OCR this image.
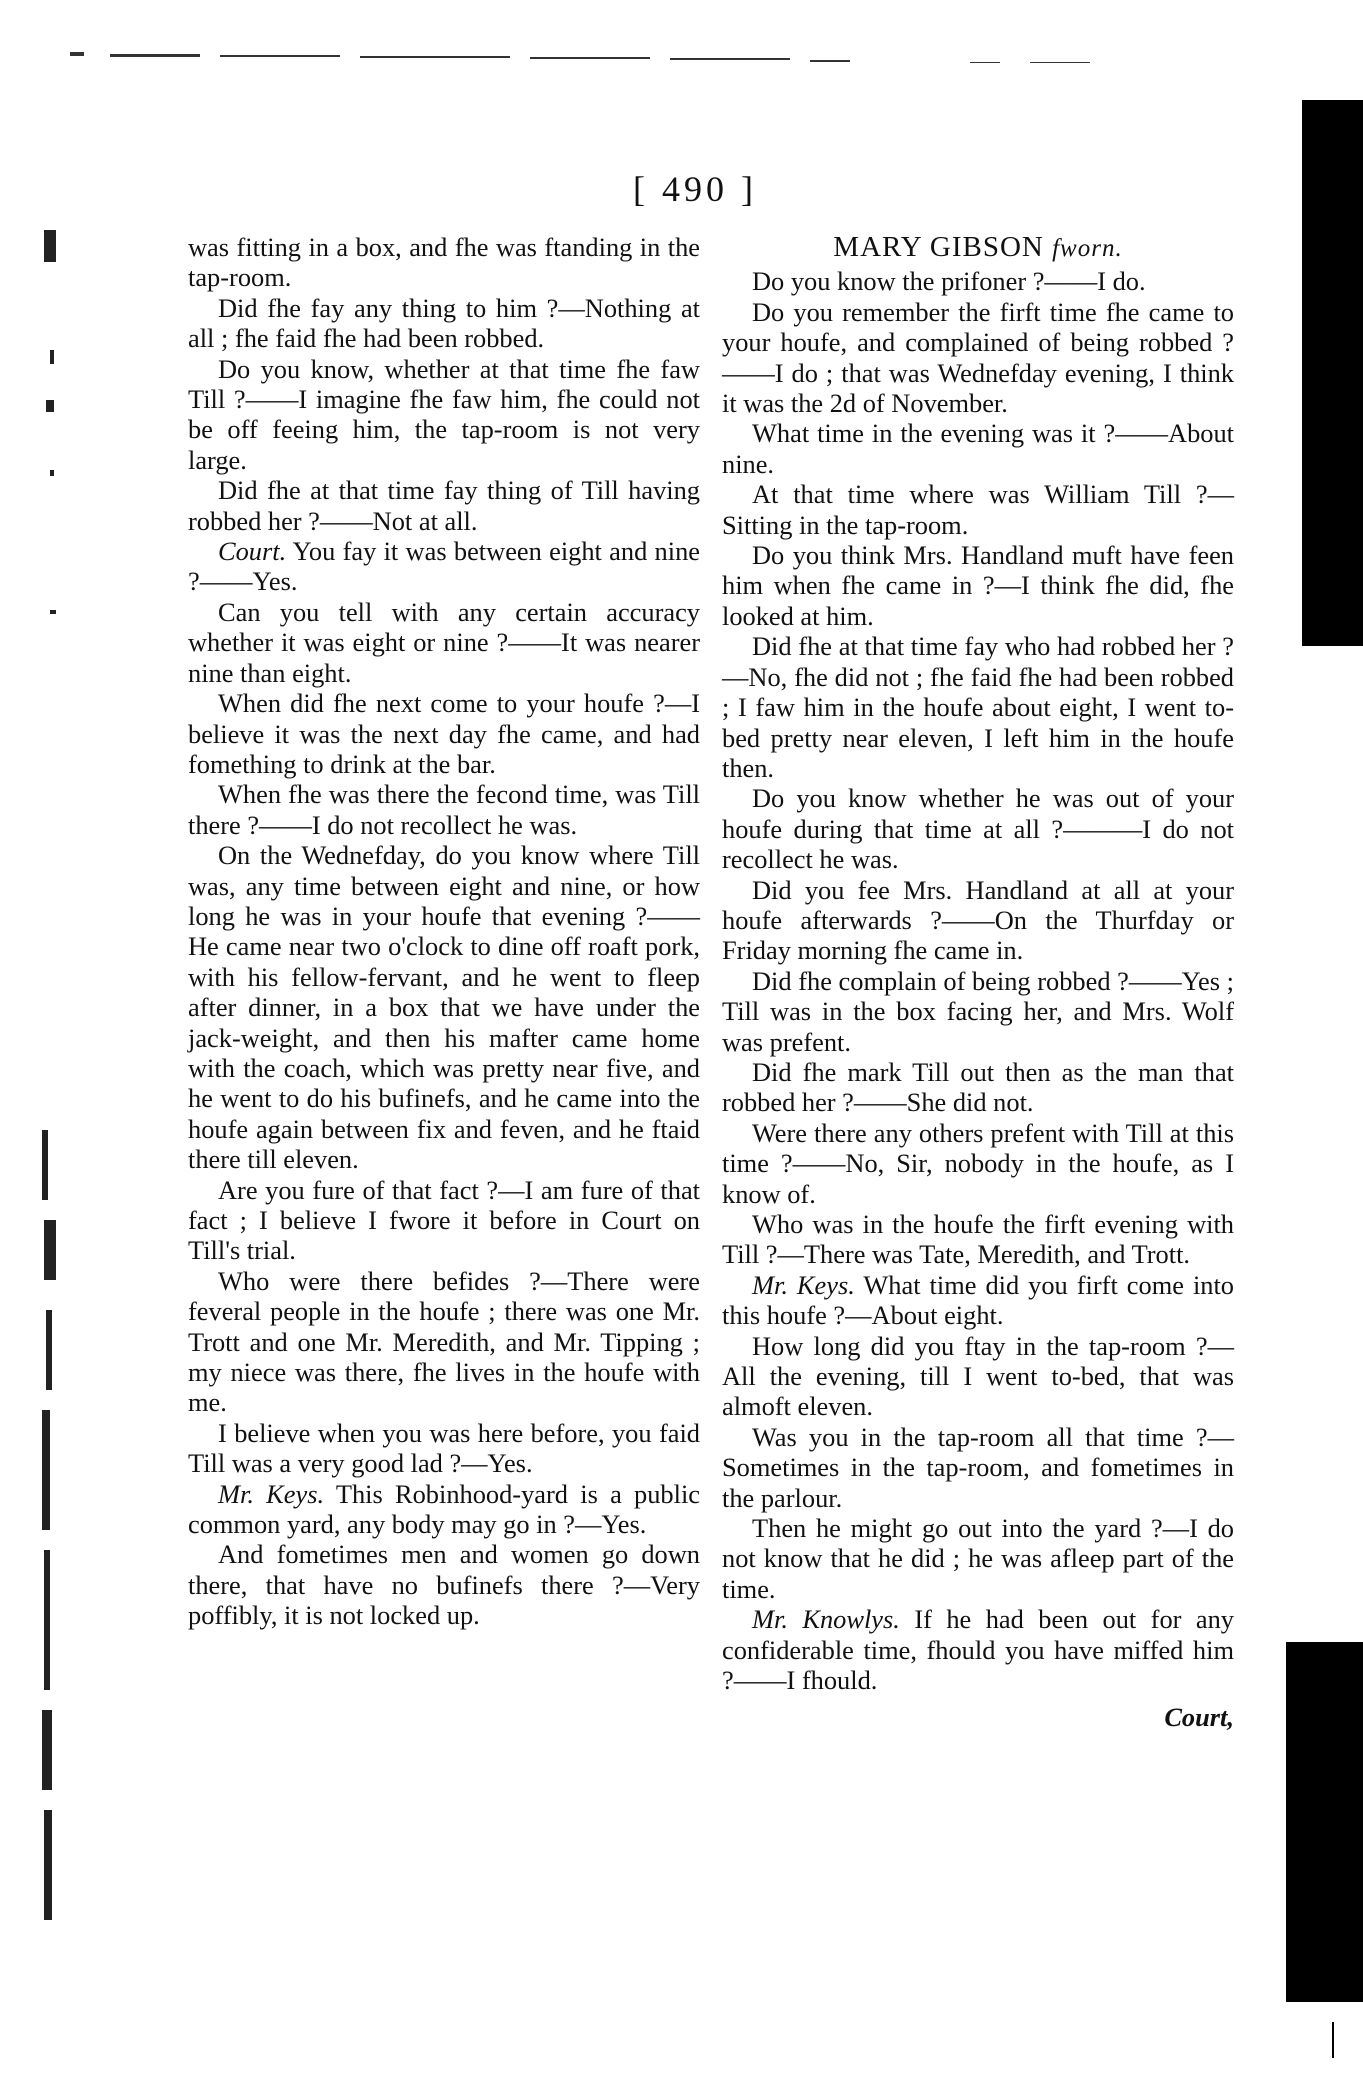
[ 490 ]

was fitting in a box, and fhe was ftanding in the tap-room.

Did fhe fay any thing to him ?—Nothing at all ; fhe faid fhe had been robbed.

Do you know, whether at that time fhe faw Till ?——I imagine fhe faw him, fhe could not be off feeing him, the tap-room is not very large.

Did fhe at that time fay thing of Till having robbed her ?——Not at all.

Court. You fay it was between eight and nine ?——Yes.

Can you tell with any certain accuracy whether it was eight or nine ?——It was nearer nine than eight.

When did fhe next come to your houfe ?—I believe it was the next day fhe came, and had fomething to drink at the bar.

When fhe was there the fecond time, was Till there ?——I do not recollect he was.

On the Wednefday, do you know where Till was, any time between eight and nine, or how long he was in your houfe that evening ?——He came near two o'clock to dine off roaft pork, with his fellow-fervant, and he went to fleep after dinner, in a box that we have under the jack-weight, and then his mafter came home with the coach, which was pretty near five, and he went to do his bufinefs, and he came into the houfe again between fix and feven, and he ftaid there till eleven.

Are you fure of that fact ?—I am fure of that fact ; I believe I fwore it before in Court on Till's trial.

Who were there befides ?—There were feveral people in the houfe ; there was one Mr. Trott and one Mr. Meredith, and Mr. Tipping ; my niece was there, fhe lives in the houfe with me.

I believe when you was here before, you faid Till was a very good lad ?—Yes.

Mr. Keys. This Robinhood-yard is a public common yard, any body may go in ?—Yes.

And fometimes men and women go down there, that have no bufinefs there ?—Very poffibly, it is not locked up.

MARY GIBSON fworn.

Do you know the prifoner ?——I do.

Do you remember the firft time fhe came to your houfe, and complained of being robbed ?——I do ; that was Wednefday evening, I think it was the 2d of November.

What time in the evening was it ?——About nine.

At that time where was William Till ?—Sitting in the tap-room.

Do you think Mrs. Handland muft have feen him when fhe came in ?—I think fhe did, fhe looked at him.

Did fhe at that time fay who had robbed her ?—No, fhe did not ; fhe faid fhe had been robbed ; I faw him in the houfe about eight, I went to-bed pretty near eleven, I left him in the houfe then.

Do you know whether he was out of your houfe during that time at all ?———I do not recollect he was.

Did you fee Mrs. Handland at all at your houfe afterwards ?——On the Thurfday or Friday morning fhe came in.

Did fhe complain of being robbed ?——Yes ; Till was in the box facing her, and Mrs. Wolf was prefent.

Did fhe mark Till out then as the man that robbed her ?——She did not.

Were there any others prefent with Till at this time ?——No, Sir, nobody in the houfe, as I know of.

Who was in the houfe the firft evening with Till ?—There was Tate, Meredith, and Trott.

Mr. Keys. What time did you firft come into this houfe ?—About eight.

How long did you ftay in the tap-room ?—All the evening, till I went to-bed, that was almoft eleven.

Was you in the tap-room all that time ?—Sometimes in the tap-room, and fometimes in the parlour.

Then he might go out into the yard ?—I do not know that he did ; he was afleep part of the time.

Mr. Knowlys. If he had been out for any confiderable time, fhould you have miffed him ?——I fhould.

Court,
